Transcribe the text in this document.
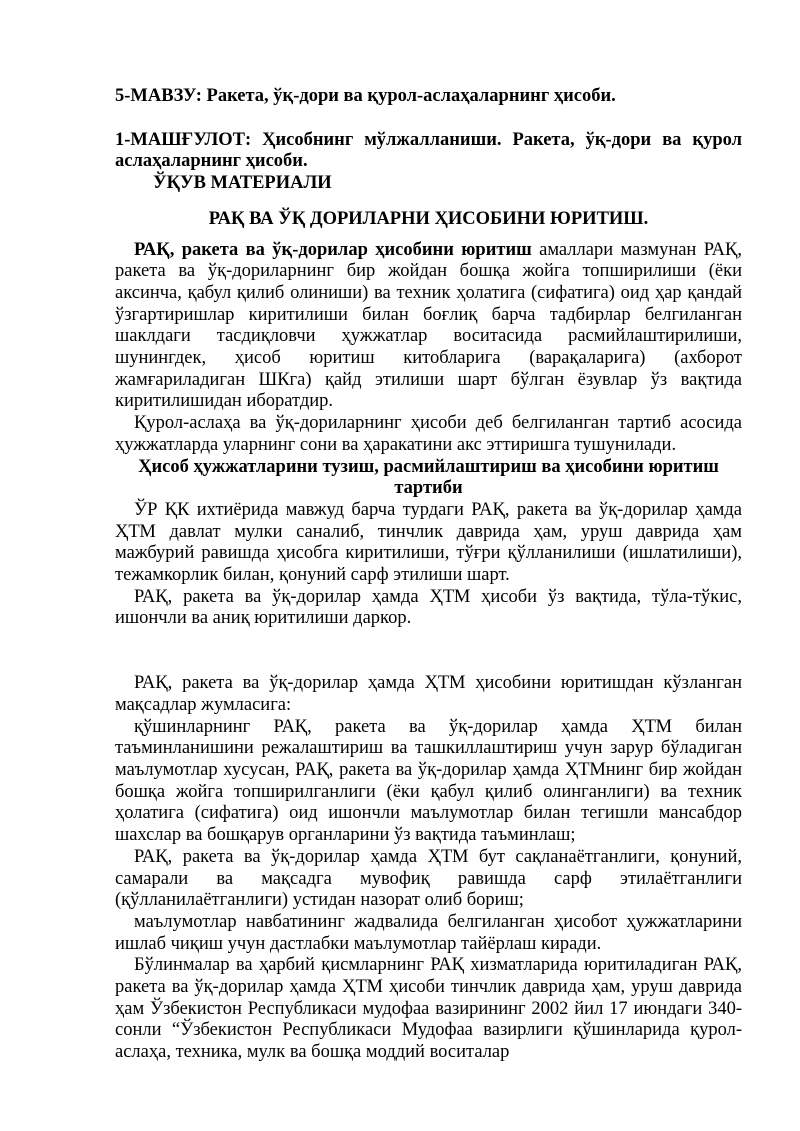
5-МАВЗУ: Ракета, ўқ-дори ва қурол-аслаҳаларнинг ҳисоби.
1-МАШҒУЛОТ: Ҳисобнинг мўлжалланиши. Ракета, ўқ-дори ва қурол аслаҳаларнинг ҳисоби.
ЎҚУВ МАТЕРИАЛИ
РАҚ ВА ЎҚ ДОРИЛАРНИ ҲИСОБИНИ ЮРИТИШ.

РАҚ, ракета ва ўқ-дорилар ҳисобини юритиш амаллари мазмунан РАҚ, ракета ва ўқ-дориларнинг бир жойдан бошқа жойга топширилиши (ёки аксинча, қабул қилиб олиниши) ва техник ҳолатига (сифатига) оид ҳар қандай ўзгартиришлар киритилиши билан боғлиқ барча тадбирлар белгиланган шаклдаги тасдиқловчи ҳужжатлар воситасида расмийлаштирилиши, шунингдек, ҳисоб юритиш китобларига (варақаларига) (ахборот жамғариладиган ШКга) қайд этилиши шарт бўлган ёзувлар ўз вақтида киритилишидан иборатдир.

Қурол-аслаҳа ва ўқ-дориларнинг ҳисоби деб белгиланган тартиб асосида ҳужжатларда уларнинг сони ва ҳаракатини акс эттиришга тушунилади.

Ҳисоб ҳужжатларини тузиш, расмийлаштириш ва ҳисобини юритиш тартиби

ЎР ҚК ихтиёрида мавжуд барча турдаги РАҚ, ракета ва ўқ-дорилар ҳамда ҲТМ давлат мулки саналиб, тинчлик даврида ҳам, уруш даврида ҳам мажбурий равишда ҳисобга киритилиши, тўғри қўлланилиши (ишлатилиши), тежамкорлик билан, қонуний сарф этилиши шарт.

РАҚ, ракета ва ўқ-дорилар ҳамда ҲТМ ҳисоби ўз вақтида, тўла-тўкис, ишончли ва аниқ юритилиши даркор.

РАҚ, ракета ва ўқ-дорилар ҳамда ҲТМ ҳисобини юритишдан кўзланган мақсадлар жумласига:

қўшинларнинг РАҚ, ракета ва ўқ-дорилар ҳамда ҲТМ билан таъминланишини режалаштириш ва ташкиллаштириш учун зарур бўладиган маълумотлар хусусан, РАҚ, ракета ва ўқ-дорилар ҳамда ҲТМнинг бир жойдан бошқа жойга топширилганлиги (ёки қабул қилиб олинганлиги) ва техник ҳолатига (сифатига) оид ишончли маълумотлар билан тегишли мансабдор шахслар ва бошқарув органларини ўз вақтида таъминлаш;

РАҚ, ракета ва ўқ-дорилар ҳамда ҲТМ бут сақланаётганлиги, қонуний, самарали ва мақсадга мувофиқ равишда сарф этилаётганлиги (қўлланилаётганлиги) устидан назорат олиб бориш;

маълумотлар навбатининг жадвалида белгиланган ҳисобот ҳужжатларини ишлаб чиқиш учун дастлабки маълумотлар тайёрлаш киради.

Бўлинмалар ва ҳарбий қисмларнинг РАҚ хизматларида юритиладиган РАҚ, ракета ва ўқ-дорилар ҳамда ҲТМ ҳисоби тинчлик даврида ҳам, уруш даврида ҳам Ўзбекистон Республикаси мудофаа вазирининг 2002 йил 17 июндаги 340-сонли “Ўзбекистон Республикаси Мудофаа вазирлиги қўшинларида қурол-аслаҳа, техника, мулк ва бошқа моддий воситалар
